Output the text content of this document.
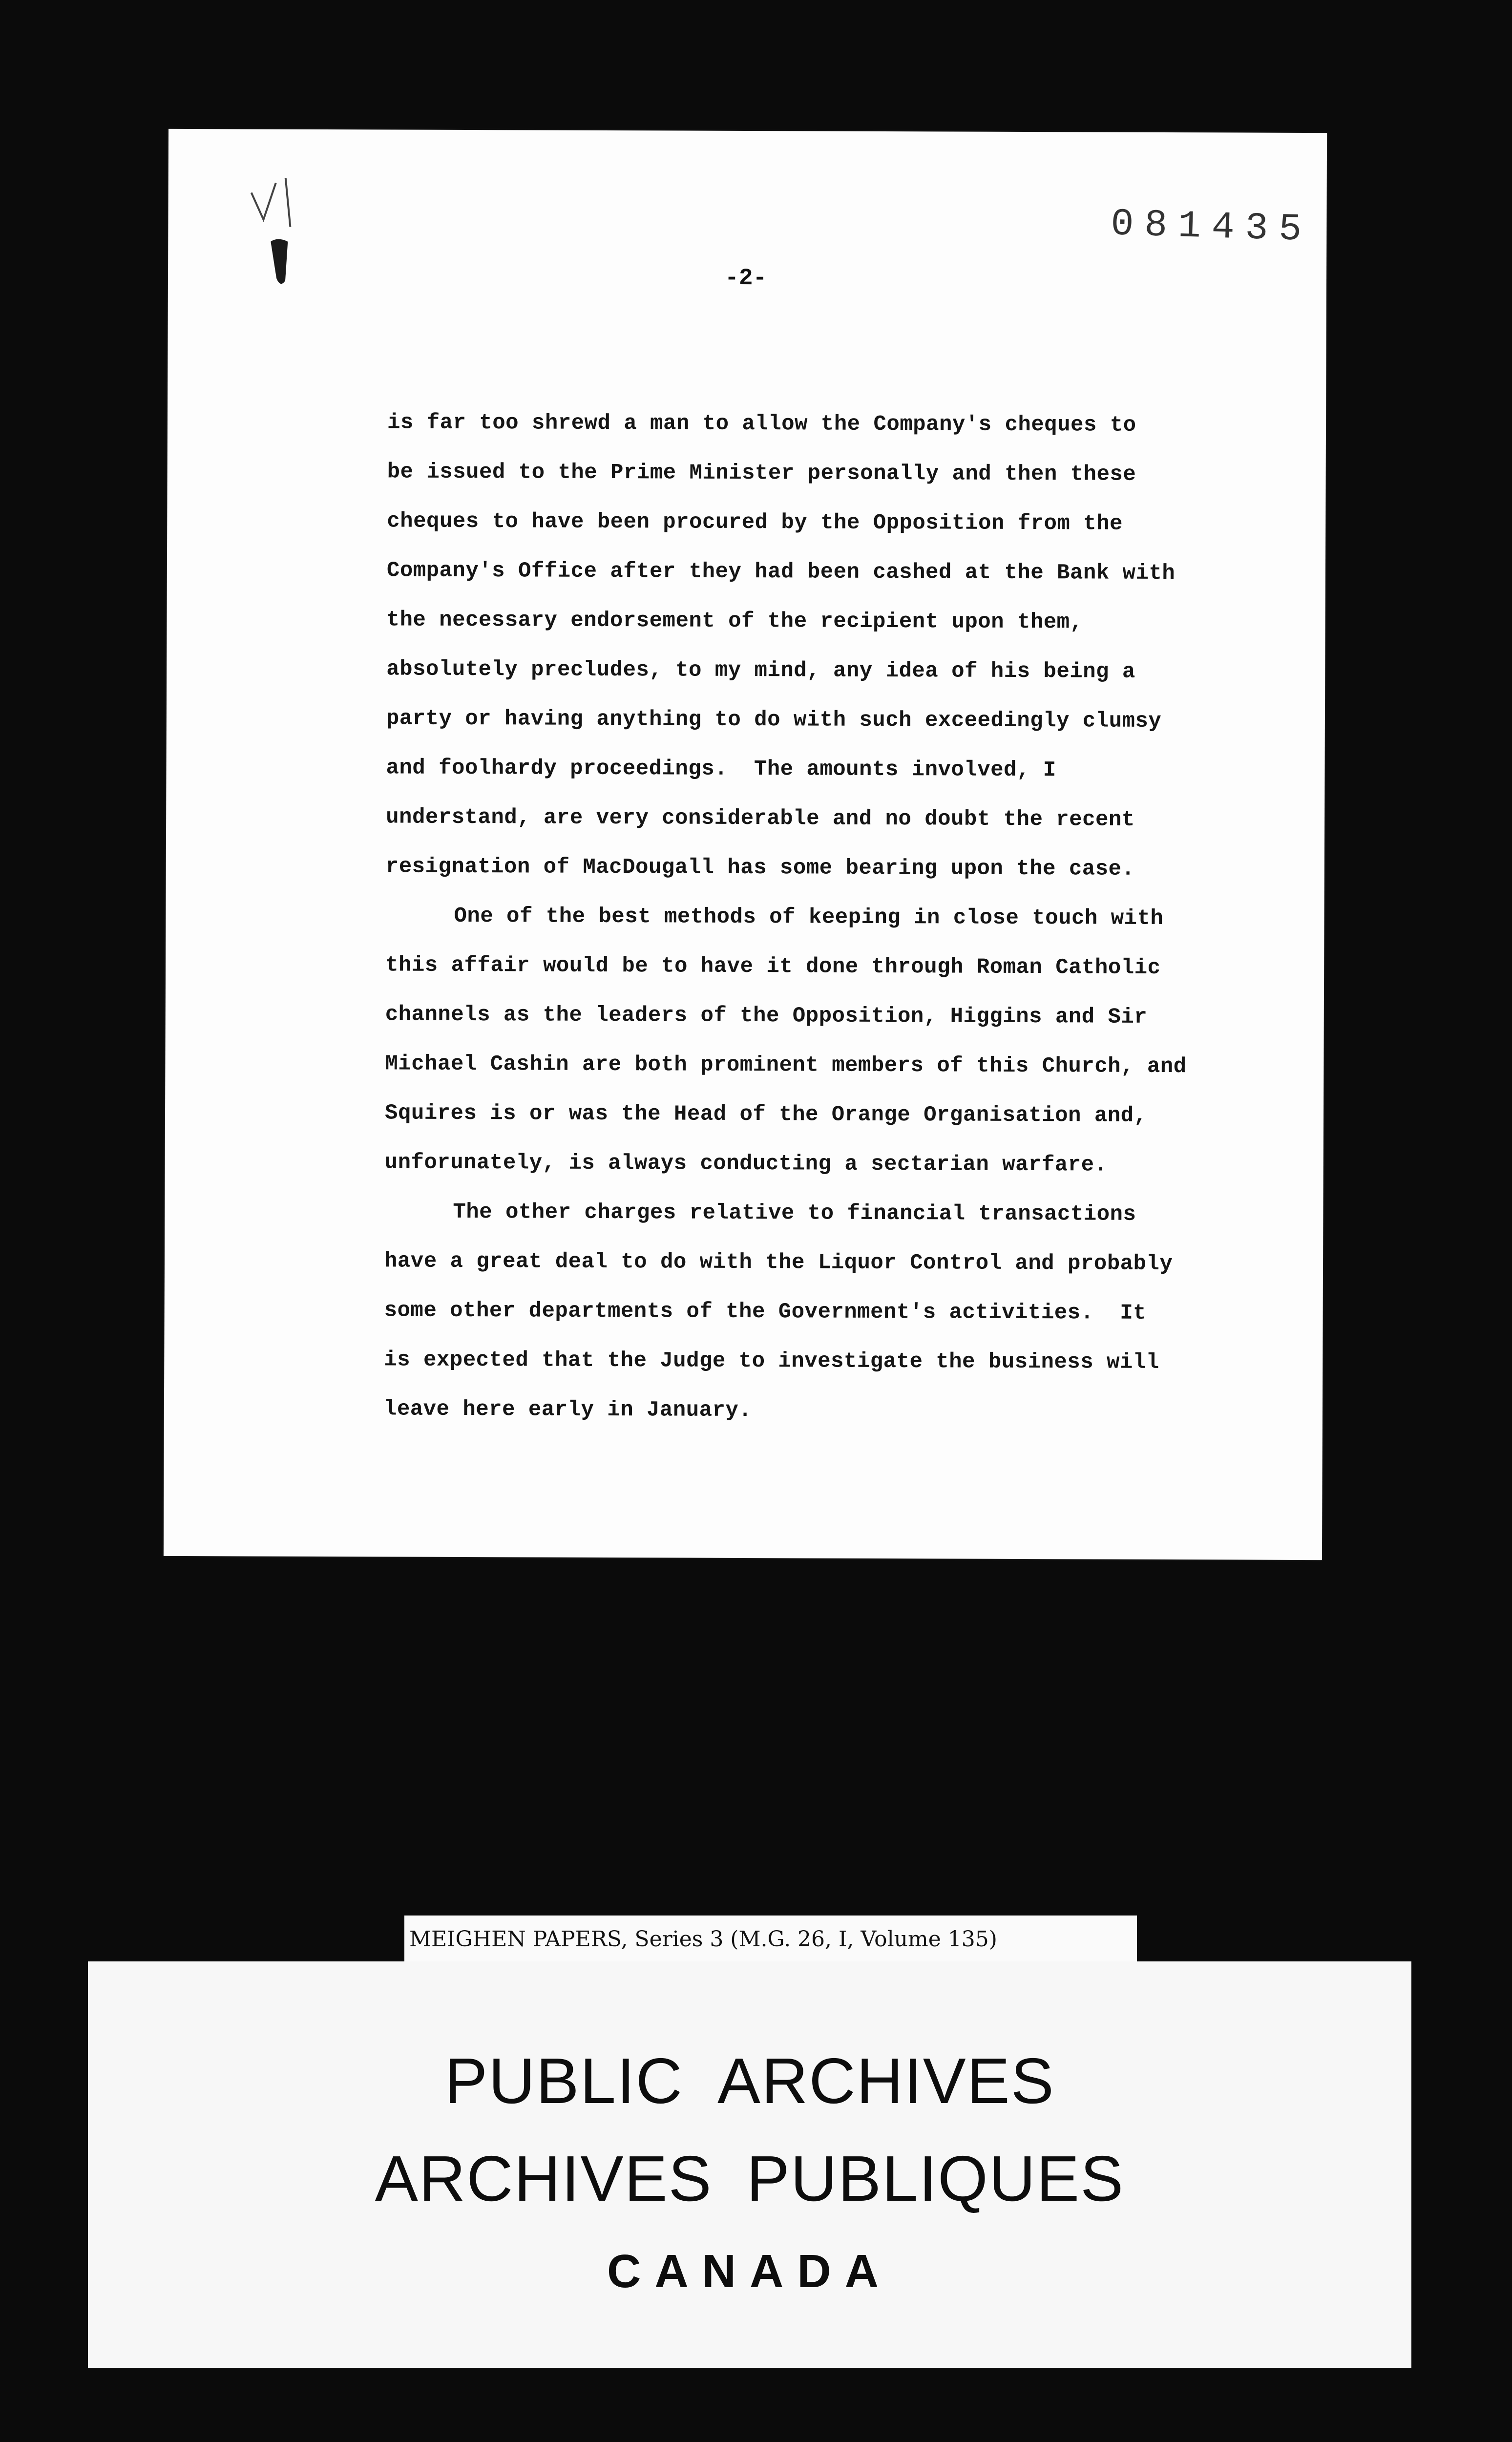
081435
-2-
is far too shrewd a man to allow the Company's cheques to
be issued to the Prime Minister personally and then these
cheques to have been procured by the Opposition from the
Company's Office after they had been cashed at the Bank with
the necessary endorsement of the recipient upon them,
absolutely precludes, to my mind, any idea of his being a
party or having anything to do with such exceedingly clumsy
and foolhardy proceedings.  The amounts involved, I
understand, are very considerable and no doubt the recent
resignation of MacDougall has some bearing upon the case.
One of the best methods of keeping in close touch with
this affair would be to have it done through Roman Catholic
channels as the leaders of the Opposition, Higgins and Sir
Michael Cashin are both prominent members of this Church, and
Squires is or was the Head of the Orange Organisation and,
unforunately, is always conducting a sectarian warfare.
The other charges relative to financial transactions
have a great deal to do with the Liquor Control and probably
some other departments of the Government's activities.  It
is expected that the Judge to investigate the business will
leave here early in January.
MEIGHEN PAPERS, Series 3 (M.G. 26, I, Volume 135)
PUBLIC ARCHIVES
ARCHIVES PUBLIQUES
CANADA
